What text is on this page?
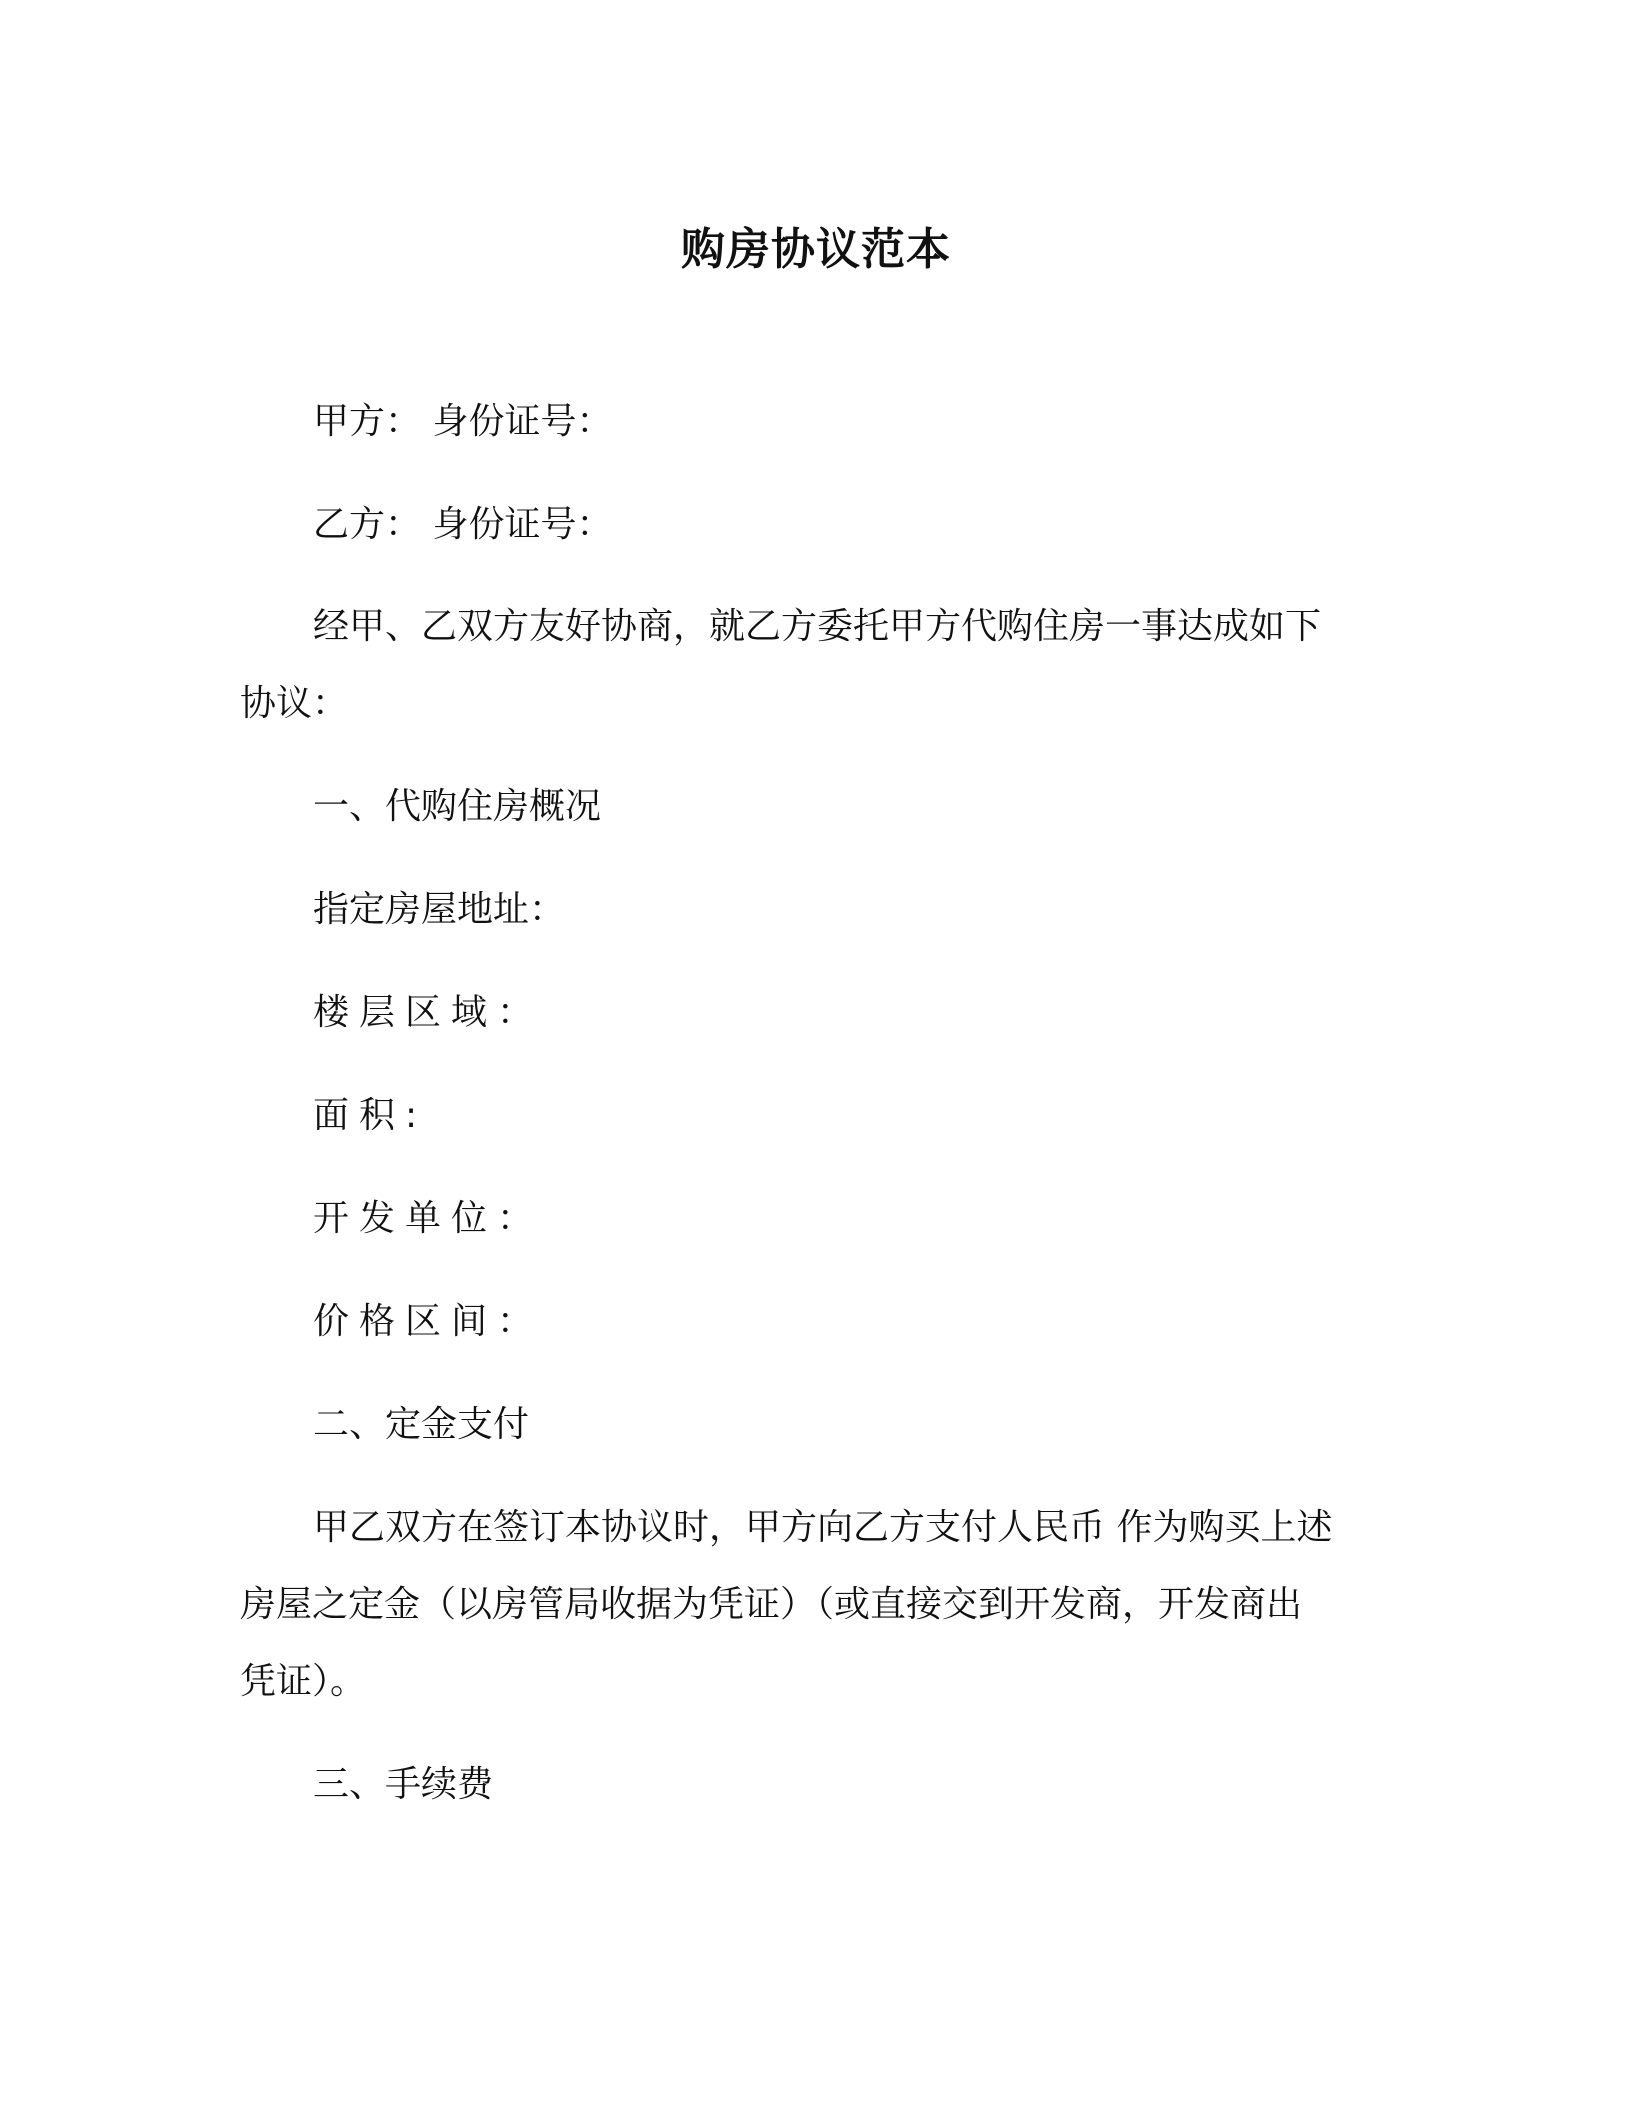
购房协议范本
甲方： 身份证号：
乙方： 身份证号：
经甲、乙双方友好协商，就乙方委托甲方代购住房一事达成如下
协议：
一、代购住房概况
指定房屋地址：
楼层区域：
面积:
开发单位：
价格区间：
二、定金支付
甲乙双方在签订本协议时，甲方向乙方支付人民币 作为购买上述
房屋之定金（以房管局收据为凭证）（或直接交到开发商，开发商出
凭证）。
三、手续费
